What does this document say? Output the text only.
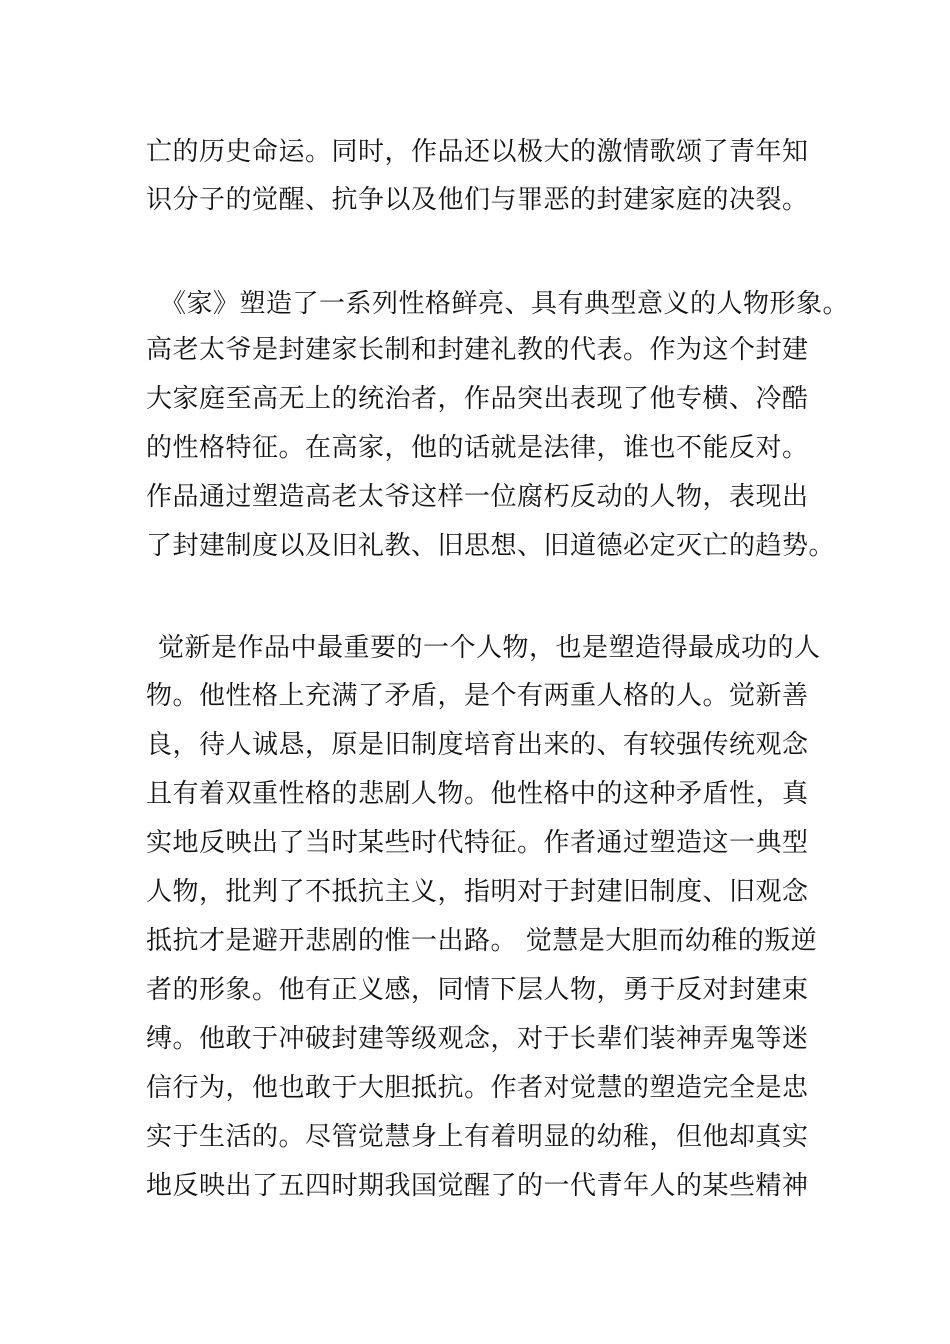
亡的历史命运。同时，作品还以极大的激情歌颂了青年知
识分子的觉醒、抗争以及他们与罪恶的封建家庭的决裂。
《家》塑造了一系列性格鲜亮、具有典型意义的人物形象。
高老太爷是封建家长制和封建礼教的代表。作为这个封建
大家庭至高无上的统治者，作品突出表现了他专横、冷酷
的性格特征。在高家，他的话就是法律，谁也不能反对。
作品通过塑造高老太爷这样一位腐朽反动的人物，表现出
了封建制度以及旧礼教、旧思想、旧道德必定灭亡的趋势。
觉新是作品中最重要的一个人物，也是塑造得最成功的人
物。他性格上充满了矛盾，是个有两重人格的人。觉新善
良，待人诚恳，原是旧制度培育出来的、有较强传统观念
且有着双重性格的悲剧人物。他性格中的这种矛盾性，真
实地反映出了当时某些时代特征。作者通过塑造这一典型
人物，批判了不抵抗主义，指明对于封建旧制度、旧观念
抵抗才是避开悲剧的惟一出路。 觉慧是大胆而幼稚的叛逆
者的形象。他有正义感，同情下层人物，勇于反对封建束
缚。他敢于冲破封建等级观念，对于长辈们装神弄鬼等迷
信行为，他也敢于大胆抵抗。作者对觉慧的塑造完全是忠
实于生活的。尽管觉慧身上有着明显的幼稚，但他却真实
地反映出了五四时期我国觉醒了的一代青年人的某些精神
